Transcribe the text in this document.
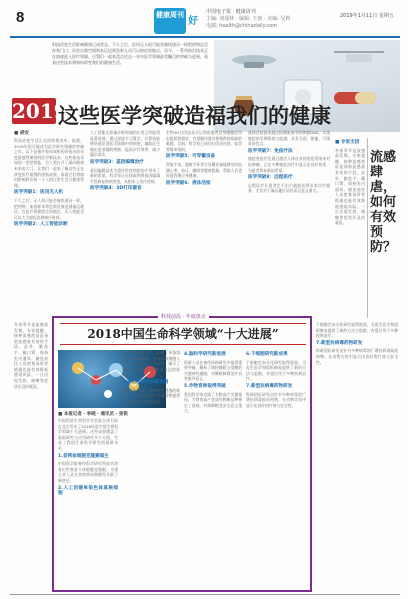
8	健康周刊
好
中国电子报 · 健康周刊
主编: 刘成林 · 编辑: 王雨 · 美编: 吴莉
电邮: health@chinadaily.com
2019年1月11日 星期五
科技改变生活影响健康已成常态。不久之后，医用无人机可能会像快递员一样把药物送至你家门口，而会自我空间和本运送到急救人员可以接近的地点。而今，一系列前沿技术正在加速进入医疗领域，让我们一起来盘点过去一年中医学领域最受瞩目的突破与进展，看看这些技术将如何改变我们的健康生活。
2019
这些医学突破造福我们的健康
■ 胡安
科技改变生活正在持续推进中。据悉，2019年很可能成为医学研究领域的突破之年。以下是被多家权威机构评选出的年度最值得期待的医学新技术。这些新技术如同一把把钥匙，为人类打开了通向健康未来的大门。让我们一起来了解这些正在改变医疗面貌的创新成果，看看它们将如何影响我们每一个人的日常生活与健康管理。
医学突破1：医用无人机
不久之后，无人机可能会像快递员一样，把药物、血液样本和急救设备送到偏远地区。在医疗资源匮乏的地区，无人机配送可以大大缩短急救响应时间。
医学突破2：人工智能诊断
人工智能在影像诊断领域的应用已经取得显著进展。通过深度学习算法，计算机能够快速识别医学影像中的病变，辅助医生做出更准确的判断，提高诊疗效率，减少漏诊误诊。
医学突破3：基因编辑治疗
基因编辑技术为遗传性疾病的治疗带来了新的希望。科学家正在探索利用基因编辑手段修复致病突变，从根本上治疗疾病。
医学突破4：3D打印器官
生物3D打印技术可以利用患者自身细胞打印出组织和器官，有望解决器官移植供体短缺的难题。目前，科学家已成功打印出皮肤、软骨等简单组织。
医学突破5：可穿戴设备
智能手表、健康手环等可穿戴设备能够实时监测心率、血压、睡眠等健康数据，帮助人们更好地管理自身健康。
医学突破6：液体活检
液体活检技术通过检测血液中的肿瘤DNA，实现癌症的早期筛查与监测，具有无创、便捷、可重复的优点。
医学突破7：免疫疗法
癌症免疫疗法通过激活人体自身的免疫系统来对抗肿瘤，已在多种癌症治疗中显示出良好效果，为患者带来新的希望。
医学突破8：远程医疗
远程医疗让患者足不出户就能获得专家诊疗服务，尤其对于偏远地区居民而言意义重大。
■ 专家支招
冬春季节是流感高发期。专家提醒，接种流感疫苗是预防流感最有效的手段。此外，勤洗手、戴口罩、保持室内通风、避免前往人员密集场所等措施也能有效降低感染风险。一旦出现发热、咳嗽等症状应及时就医。
流感肆虐，如何有效预防？
干细胞定向分化研究取得进展，为再生医学和组织修复提供了新的方法与思路，有望应用于多种疾病治疗。
7.新型抗病毒药物研发
科研团队研发出针对多种病毒的广谱抗病毒候选药物，在动物实验中显示出良好的疗效与安全性。
冬春季节是流感高发期。专家提醒，接种流感疫苗是预防流感最有效的手段。此外，勤洗手、戴口罩、保持室内通风、避免前往人员密集场所等措施也能有效降低感染风险。一旦出现发热、咳嗽等症状应及时就医。
科技前沿 · 年度盘点
2018中国生命科学领域“十大进展”
■ 本报记者 · 李晓 · 通讯员 · 张锐
中国科协生命科学学会联合体日前在北京发布了2018年度中国生命科学领域十大进展。这些成果涵盖了基础研究与应用研究多个方面，代表了我国生命科学研究的最新水平。
1.首例体细胞克隆猴诞生
中国科学院神经科学研究所成功培育出世界首个体细胞克隆猴，为建立非人灵长类疾病动物模型开辟了新途径。
2.人工创建单染色体真核细胞
中国科学家首次人工创建了单条染色体的真核细胞，是继原核细胞人工合成之后的又一里程碑，揭示了染色体三维结构对基因表达的影响。
3.揭示肿瘤免疫新机制
研究团队发现了肿瘤免疫逃逸的新机制，为开发新型抗肿瘤药物提供了重要靶点与理论依据。
4.脑科学研究新进展
科研人员在神经环路研究中取得重要突破，解析了调控睡眠与觉醒的关键神经通路，对睡眠障碍治疗具有指导意义。
5.作物育种取得突破
我国科学家克隆了水稻高产关键基因，为培育高产优质作物新品种奠定了基础，对保障粮食安全意义重大。
6.干细胞研究新成果
干细胞定向分化研究取得进展，为再生医学和组织修复提供了新的方法与思路，有望应用于多种疾病治疗。
7.新型抗病毒药物研发
科研团队研发出针对多种病毒的广谱抗病毒候选药物，在动物实验中显示出良好的疗效与安全性。
